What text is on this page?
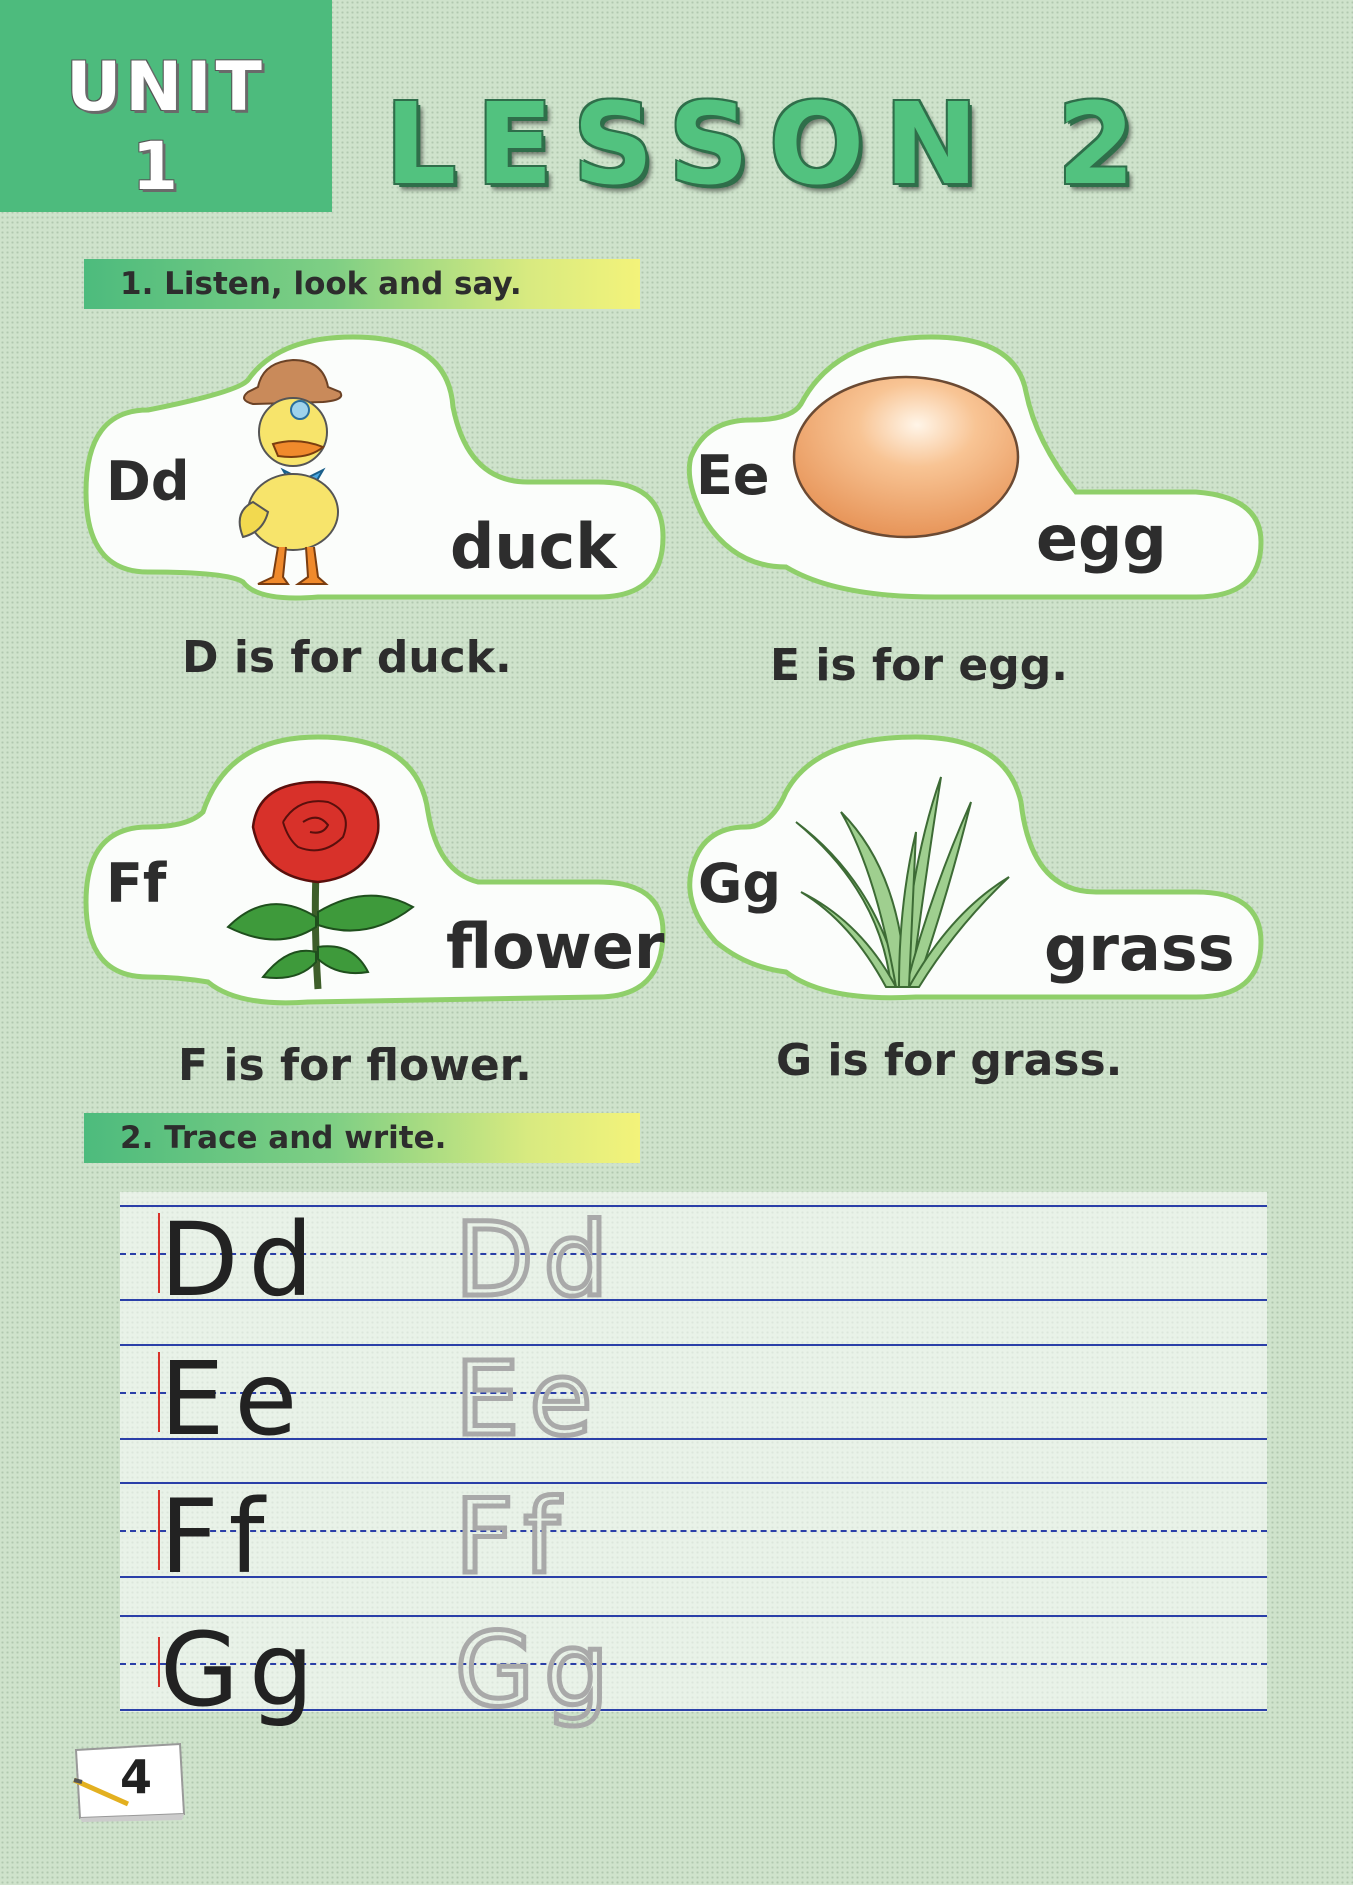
UNIT
1	LESSON 2
1. Listen, look and say.
Dd
duck
D is for duck.
Ee
egg
E is for egg.
Ff
flower
F is for flower.
Gg
grass
G is for grass.
2. Trace and write.
Dd Dd
Ee Ee
Ff Ff
Gg Gg
4
